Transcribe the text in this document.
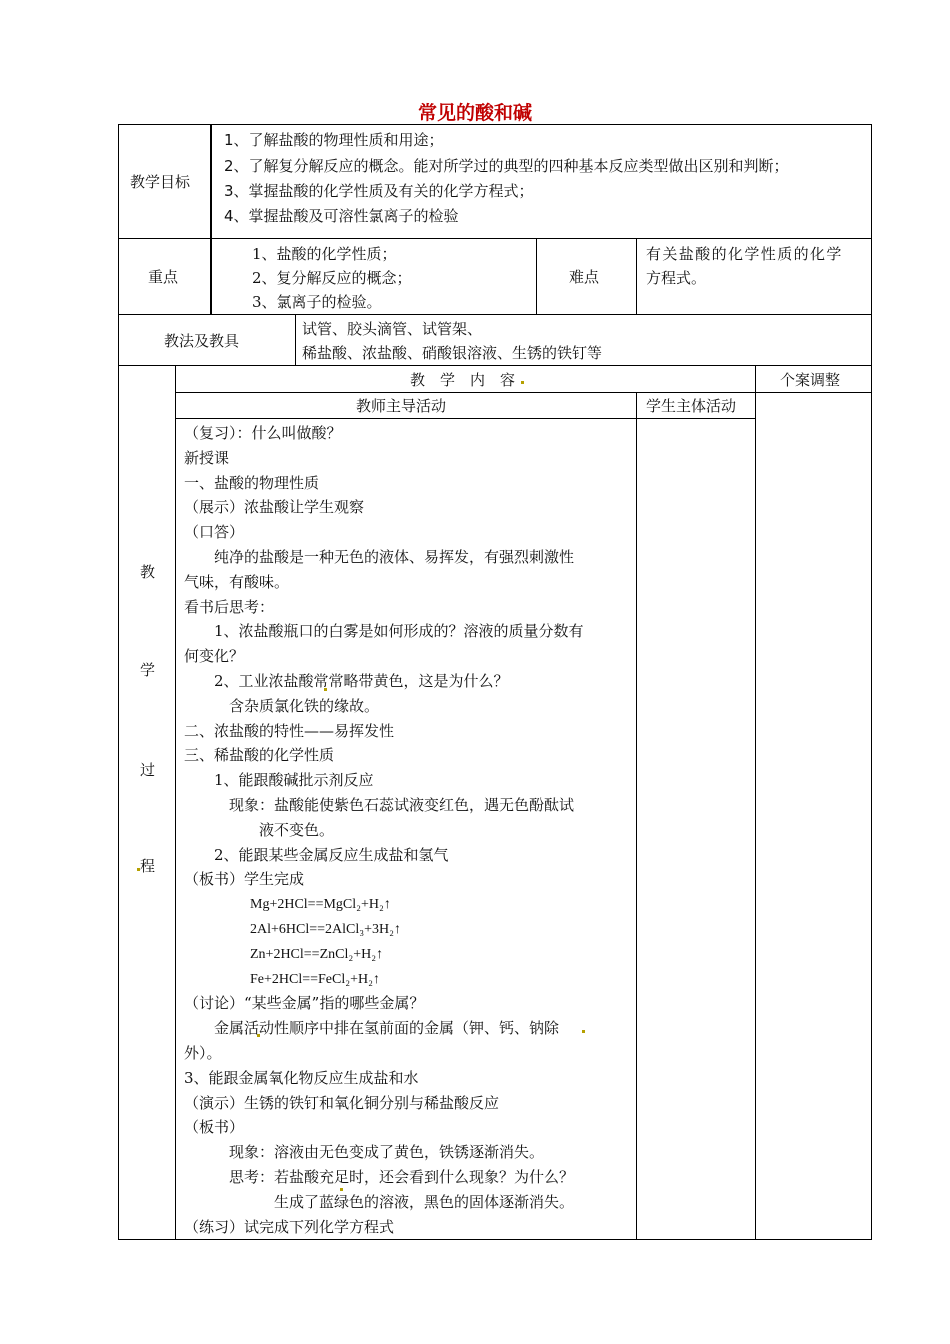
常见的酸和碱
教学目标
1、了解盐酸的物理性质和用途；
2、了解复分解反应的概念。能对所学过的典型的四种基本反应类型做出区别和判断；
3、掌握盐酸的化学性质及有关的化学方程式；
4、掌握盐酸及可溶性氯离子的检验
重点
1、盐酸的化学性质；
2、复分解反应的概念；
3、氯离子的检验。
难点
有关盐酸的化学性质的化学
方程式。
教法及教具
试管、胶头滴管、试管架、
稀盐酸、浓盐酸、硝酸银溶液、生锈的铁钉等
教
学
过
程
教　学　内　容	个案调整
教师主导活动	学生主体活动
（复习）：什么叫做酸？
新授课
一、盐酸的物理性质
（展示）浓盐酸让学生观察
（口答）
　　纯净的盐酸是一种无色的液体、易挥发，有强烈刺激性
气味，有酸味。
看书后思考：
　　1、浓盐酸瓶口的白雾是如何形成的？溶液的质量分数有
何变化？
　　2、工业浓盐酸常常略带黄色，这是为什么？
　　　含杂质氯化铁的缘故。
二、浓盐酸的特性——易挥发性
三、稀盐酸的化学性质
　　1、能跟酸碱批示剂反应
　　　现象：盐酸能使紫色石蕊试液变红色，遇无色酚酞试
　　　　　液不变色。
　　2、能跟某些金属反应生成盐和氢气
（板书）学生完成
Mg+2HCl==MgCl₂+H₂↑
2Al+6HCl==2AlCl₃+3H₂↑
Zn+2HCl==ZnCl₂+H₂↑
Fe+2HCl==FeCl₂+H₂↑
（讨论）“某些金属”指的哪些金属？
　　金属活动性顺序中排在氢前面的金属（钾、钙、钠除
外）。
3、能跟金属氧化物反应生成盐和水
（演示）生锈的铁钉和氧化铜分别与稀盐酸反应
（板书）
　　　现象：溶液由无色变成了黄色，铁锈逐渐消失。
　　　思考：若盐酸充足时，还会看到什么现象？为什么？
　　　　　　生成了蓝绿色的溶液，黑色的固体逐渐消失。
（练习）试完成下列化学方程式
